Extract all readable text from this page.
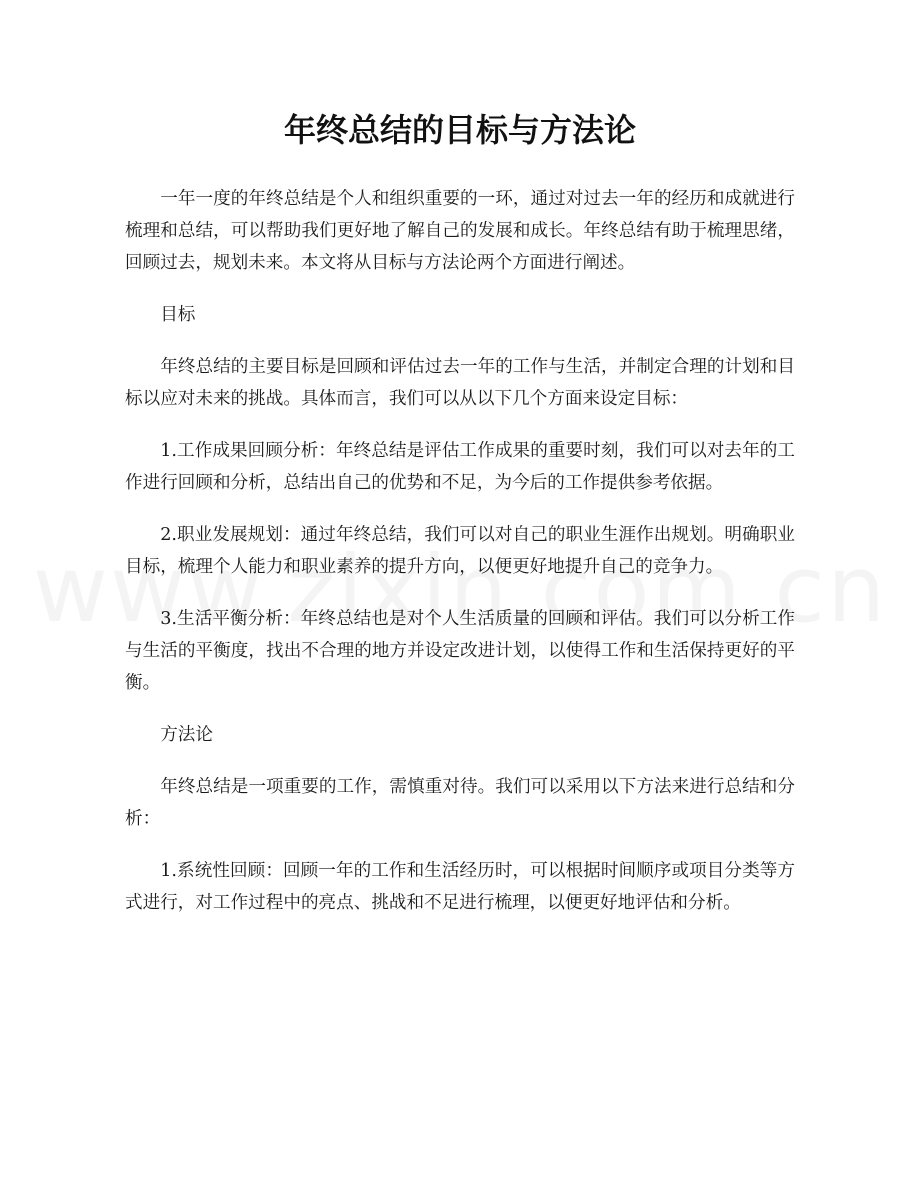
年终总结的目标与方法论

一年一度的年终总结是个人和组织重要的一环，通过对过去一年的经历和成就进行梳理和总结，可以帮助我们更好地了解自己的发展和成长。年终总结有助于梳理思绪，回顾过去，规划未来。本文将从目标与方法论两个方面进行阐述。

目标

年终总结的主要目标是回顾和评估过去一年的工作与生活，并制定合理的计划和目标以应对未来的挑战。具体而言，我们可以从以下几个方面来设定目标：

1.工作成果回顾分析：年终总结是评估工作成果的重要时刻，我们可以对去年的工作进行回顾和分析，总结出自己的优势和不足，为今后的工作提供参考依据。

2.职业发展规划：通过年终总结，我们可以对自己的职业生涯作出规划。明确职业目标，梳理个人能力和职业素养的提升方向，以便更好地提升自己的竞争力。

3.生活平衡分析：年终总结也是对个人生活质量的回顾和评估。我们可以分析工作与生活的平衡度，找出不合理的地方并设定改进计划，以使得工作和生活保持更好的平衡。

方法论

年终总结是一项重要的工作，需慎重对待。我们可以采用以下方法来进行总结和分析：

1.系统性回顾：回顾一年的工作和生活经历时，可以根据时间顺序或项目分类等方式进行，对工作过程中的亮点、挑战和不足进行梳理，以便更好地评估和分析。
